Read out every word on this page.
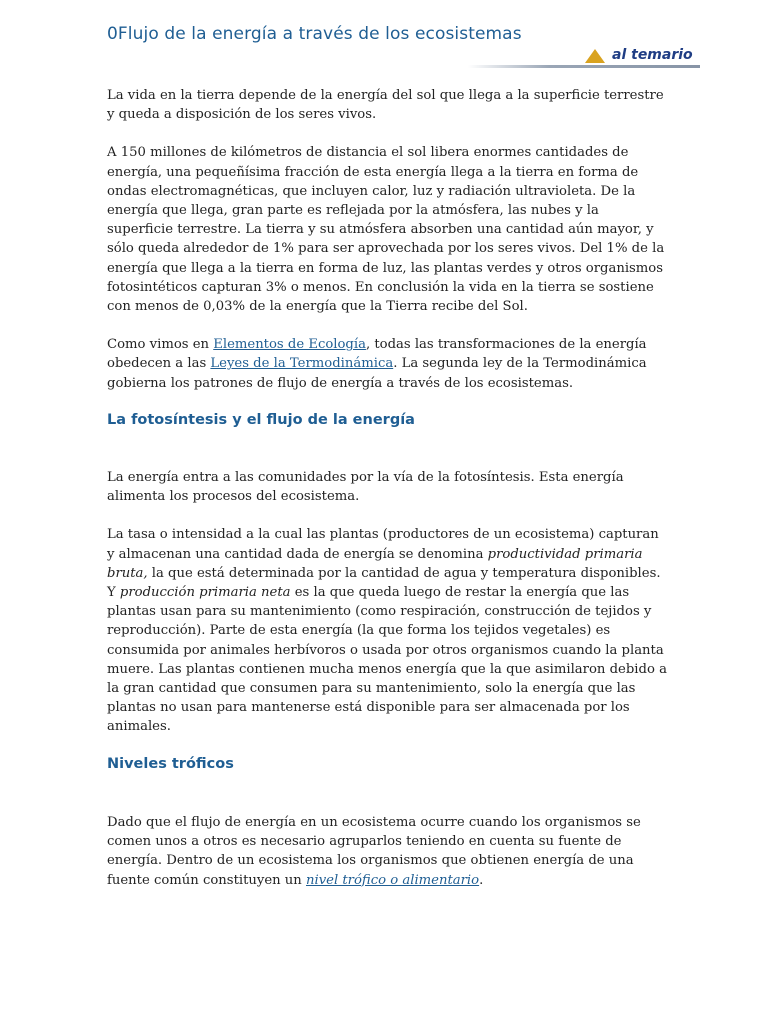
0Flujo de la energía a través de los ecosistemas
al temario

La vida en la tierra depende de la energía del sol que llega a la superficie terrestre y queda a disposición de los seres vivos.

A 150 millones de kilómetros de distancia el sol libera enormes cantidades de energía, una pequeñísima fracción de esta energía llega a la tierra en forma de ondas electromagnéticas, que incluyen calor, luz y radiación ultravioleta. De la energía que llega, gran parte es reflejada por la atmósfera, las nubes y la superficie terrestre. La tierra y su atmósfera absorben una cantidad aún mayor, y sólo queda alrededor de 1% para ser aprovechada por los seres vivos. Del 1% de la energía que llega a la tierra en forma de luz, las plantas verdes y otros organismos fotosintéticos capturan 3% o menos. En conclusión la vida en la tierra se sostiene con menos de 0,03% de la energía que la Tierra recibe del Sol.

Como vimos en Elementos de Ecología, todas las transformaciones de la energía obedecen a las Leyes de la Termodinámica. La segunda ley de la Termodinámica gobierna los patrones de flujo de energía a través de los ecosistemas.

La fotosíntesis y el flujo de la energía

La energía entra a las comunidades por la vía de la fotosíntesis. Esta energía alimenta los procesos del ecosistema.

La tasa o intensidad a la cual las plantas (productores de un ecosistema) capturan y almacenan una cantidad dada de energía se denomina productividad primaria bruta, la que está determinada por la cantidad de agua y temperatura disponibles. Y producción primaria neta es la que queda luego de restar la energía que las plantas usan para su mantenimiento (como respiración, construcción de tejidos y reproducción). Parte de esta energía (la que forma los tejidos vegetales) es consumida por animales herbívoros o usada por otros organismos cuando la planta muere. Las plantas contienen mucha menos energía que la que asimilaron debido a la gran cantidad que consumen para su mantenimiento, solo la energía que las plantas no usan para mantenerse está disponible para ser almacenada por los animales.

Niveles tróficos

Dado que el flujo de energía en un ecosistema ocurre cuando los organismos se comen unos a otros es necesario agruparlos teniendo en cuenta su fuente de energía. Dentro de un ecosistema los organismos que obtienen energía de una fuente común constituyen un nivel trófico o alimentario.
